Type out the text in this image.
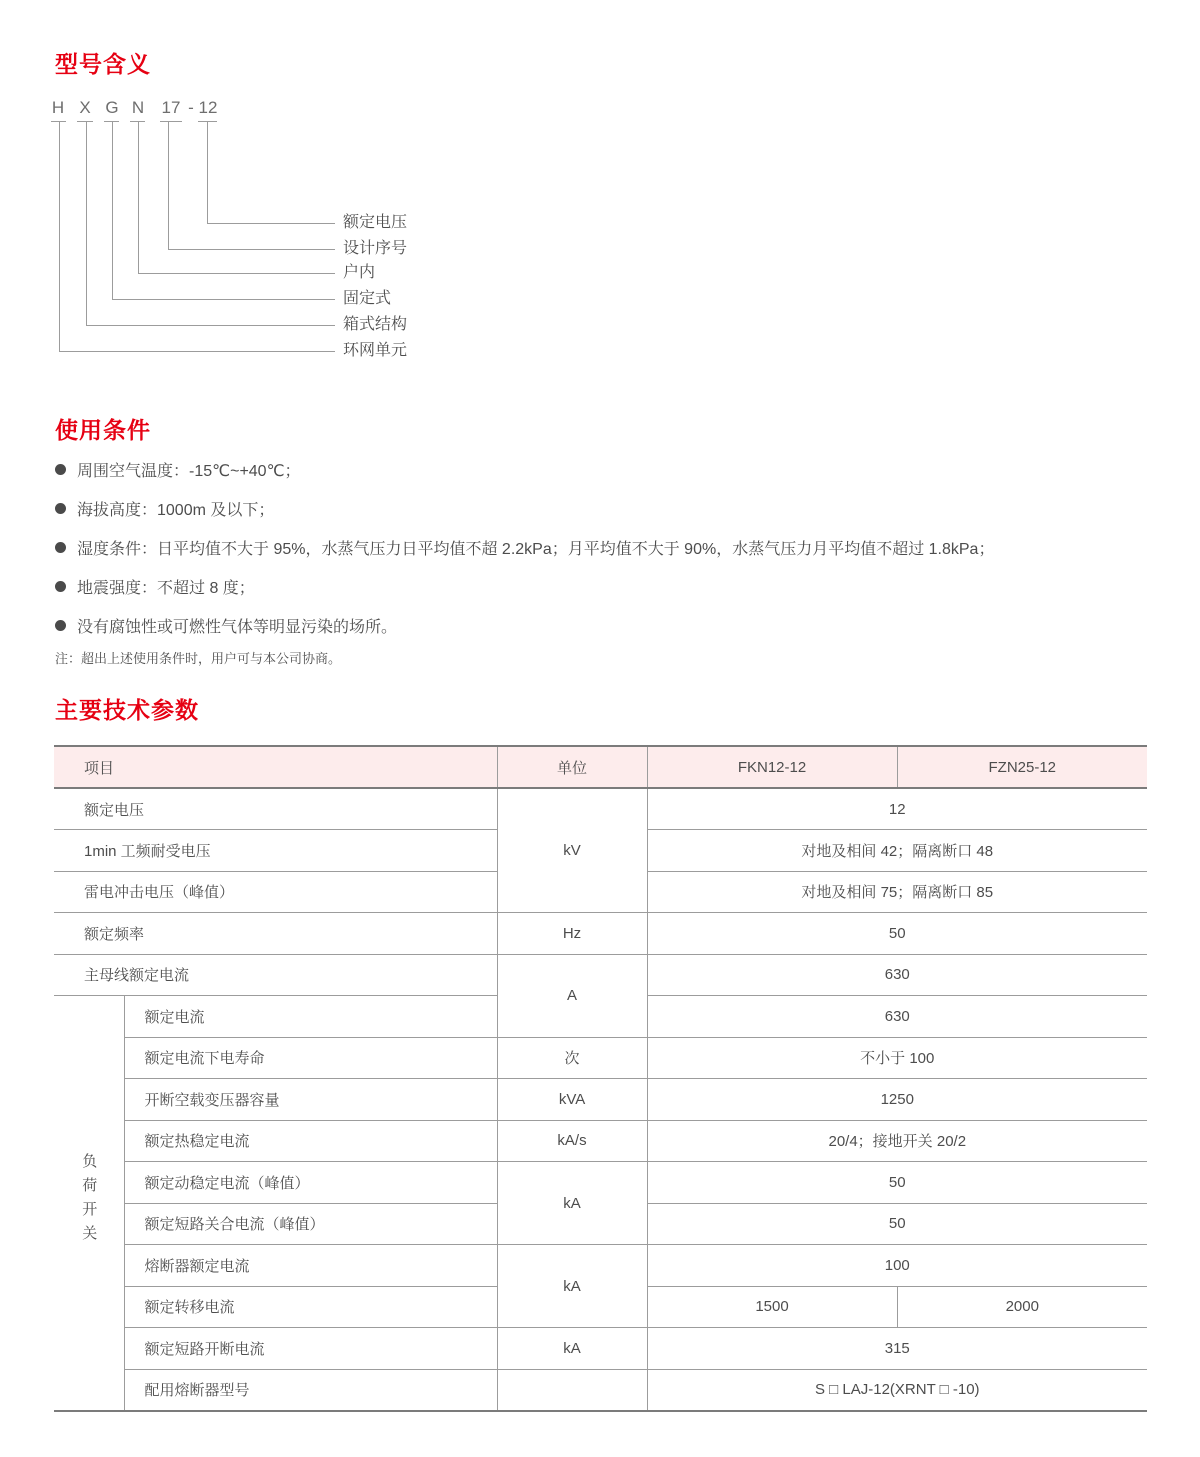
型号含义
H X G N 17 - 12
额定电压
设计序号
户内
固定式
箱式结构
环网单元
使用条件
周围空气温度：-15℃~+40℃；
海拔高度：1000m 及以下；
湿度条件：日平均值不大于 95%，水蒸气压力日平均值不超 2.2kPa；月平均值不大于 90%，水蒸气压力月平均值不超过 1.8kPa；
地震强度：不超过 8 度；
没有腐蚀性或可燃性气体等明显污染的场所。
注：超出上述使用条件时，用户可与本公司协商。
主要技术参数
项目		单位	FKN12-12	FZN25-12
额定电压		kV	12	
1min 工频耐受电压			对地及相间 42；隔离断口 48	
雷电冲击电压（峰值）			对地及相间 75；隔离断口 85	
额定频率		Hz	50	
主母线额定电流		A	630	
负荷开关	额定电流		630	
	额定电流下电寿命	次	不小于 100	
	开断空载变压器容量	kVA	1250	
	额定热稳定电流	kA/s	20/4；接地开关 20/2	
	额定动稳定电流（峰值）	kA	50	
	额定短路关合电流（峰值）		50	
	熔断器额定电流	kA	100	
	额定转移电流		1500	2000
	额定短路开断电流	kA	315	
	配用熔断器型号		S □ LAJ-12(XRNT □ -10)	
